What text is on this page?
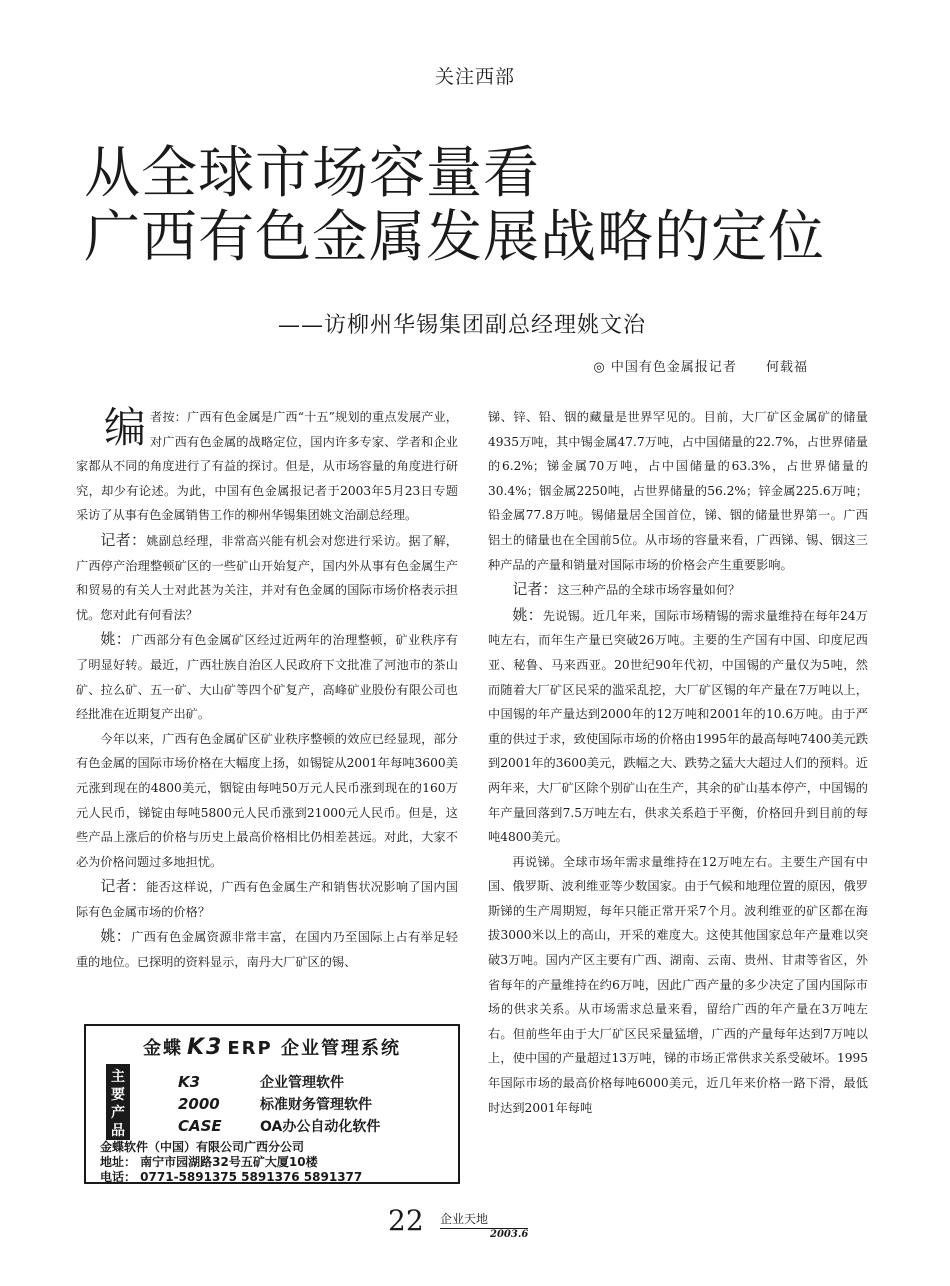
关注西部
从全球市场容量看
广西有色金属发展战略的定位
——访柳州华锡集团副总经理姚文治
◎ 中国有色金属报记者 何载福

编者按：广西有色金属是广西“十五”规划的重点发展产业，对广西有色金属的战略定位，国内许多专家、学者和企业家都从不同的角度进行了有益的探讨。但是，从市场容量的角度进行研究，却少有论述。为此，中国有色金属报记者于2003年5月23日专题采访了从事有色金属销售工作的柳州华锡集团姚文治副总经理。

记者：姚副总经理，非常高兴能有机会对您进行采访。据了解，广西停产治理整顿矿区的一些矿山开始复产，国内外从事有色金属生产和贸易的有关人士对此甚为关注，并对有色金属的国际市场价格表示担忧。您对此有何看法？

姚：广西部分有色金属矿区经过近两年的治理整顿，矿业秩序有了明显好转。最近，广西壮族自治区人民政府下文批准了河池市的茶山矿、拉么矿、五一矿、大山矿等四个矿复产，高峰矿业股份有限公司也经批准在近期复产出矿。

今年以来，广西有色金属矿区矿业秩序整顿的效应已经显现，部分有色金属的国际市场价格在大幅度上扬，如锡锭从2001年每吨3600美元涨到现在的4800美元，铟锭由每吨50万元人民币涨到现在的160万元人民币，锑锭由每吨5800元人民币涨到21000元人民币。但是，这些产品上涨后的价格与历史上最高价格相比仍相差甚远。对此，大家不必为价格问题过多地担忧。

记者：能否这样说，广西有色金属生产和销售状况影响了国内国际有色金属市场的价格？

姚：广西有色金属资源非常丰富，在国内乃至国际上占有举足轻重的地位。已探明的资料显示，南丹大厂矿区的锡、

锑、锌、铅、铟的藏量是世界罕见的。目前，大厂矿区金属矿的储量4935万吨，其中锡金属47.7万吨，占中国储量的22.7%，占世界储量的6.2%；锑金属70万吨，占中国储量的63.3%，占世界储量的30.4%；铟金属2250吨，占世界储量的56.2%；锌金属225.6万吨；铅金属77.8万吨。锡储量居全国首位，锑、铟的储量世界第一。广西铝土的储量也在全国前5位。从市场的容量来看，广西锑、锡、铟这三种产品的产量和销量对国际市场的价格会产生重要影响。

记者：这三种产品的全球市场容量如何？

姚：先说锡。近几年来，国际市场精锡的需求量维持在每年24万吨左右，而年生产量已突破26万吨。主要的生产国有中国、印度尼西亚、秘鲁、马来西亚。20世纪90年代初，中国锡的产量仅为5吨，然而随着大厂矿区民采的滥采乱挖，大厂矿区锡的年产量在7万吨以上，中国锡的年产量达到2000年的12万吨和2001年的10.6万吨。由于严重的供过于求，致使国际市场的价格由1995年的最高每吨7400美元跌到2001年的3600美元，跌幅之大、跌势之猛大大超过人们的预料。近两年来，大厂矿区除个别矿山在生产，其余的矿山基本停产，中国锡的年产量回落到7.5万吨左右，供求关系趋于平衡，价格回升到目前的每吨4800美元。

再说锑。全球市场年需求量维持在12万吨左右。主要生产国有中国、俄罗斯、波利维亚等少数国家。由于气候和地理位置的原因，俄罗斯锑的生产周期短，每年只能正常开采7个月。波利维亚的矿区都在海拔3000米以上的高山，开采的难度大。这使其他国家总年产量难以突破3万吨。国内产区主要有广西、湖南、云南、贵州、甘肃等省区，外省每年的产量维持在约6万吨，因此广西产量的多少决定了国内国际市场的供求关系。从市场需求总量来看，留给广西的年产量在3万吨左右。但前些年由于大厂矿区民采量猛增，广西的产量每年达到7万吨以上，使中国的产量超过13万吨，锑的市场正常供求关系受破坏。1995年国际市场的最高价格每吨6000美元，近几年来价格一路下滑，最低时达到2001年每吨

金蝶 K3 ERP 企业管理系统
主要产品
K3	企业管理软件
2000	标准财务管理软件
CASE	OA办公自动化软件
金蝶软件（中国）有限公司广西分公司
地址： 南宁市园湖路32号五矿大厦10楼
电话： 0771-5891375 5891376 5891377
22 企业天地
2003.6
